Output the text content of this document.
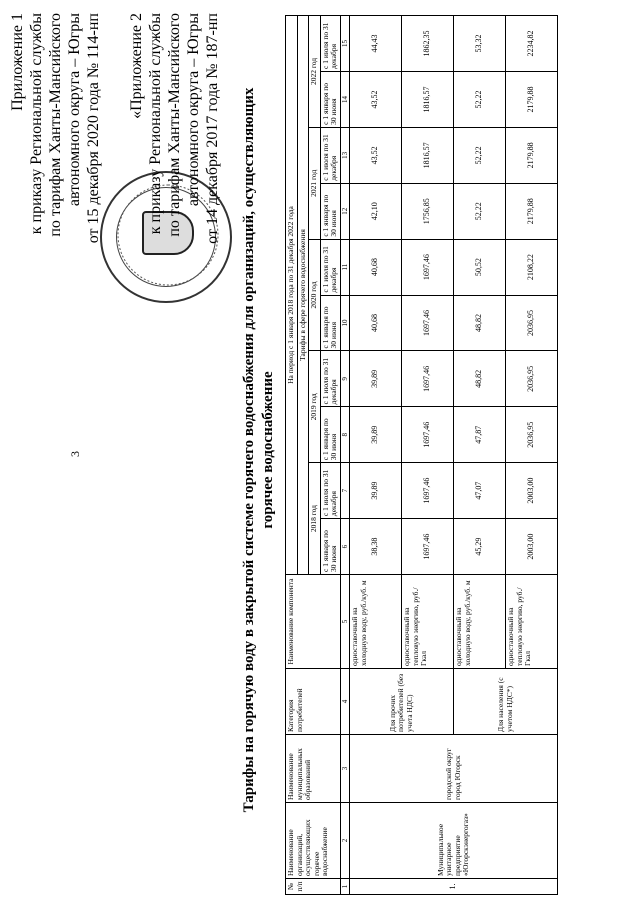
3
Приложение 1 к приказу Региональной службы по тарифам Ханты-Мансийского автономного округа – Югры от 15 декабря 2020 года № 114-нп «Приложение 2 к приказу Региональной службы по тарифам Ханты-Мансийского автономного округа – Югры от 14 декабря 2017 года № 187-нп Тарифы на горячую воду в закрытой системе горячего водоснабжения для организаций, осуществляющих горячее водоснабжение
№ п/п	Наименование организаций, осуществляющих горячее водоснабжение	Наименование муниципальных образований	Категория потребителей	Наименование компонента	На период с 1 января 2018 года по 31 декабря 2022 года									
					Тарифы в сфере горячего водоснабжения									
					2018 год		2019 год		2020 год		2021 год		2022 год	
					с 1 января по 30 июня	с 1 июля по 31 декабря	с 1 января по 30 июня	с 1 июля по 31 декабря	с 1 января по 30 июня	с 1 июля по 31 декабря	с 1 января по 30 июня	с 1 июля по 31 декабря	с 1 января по 30 июня	с 1 июля по 31 декабря
1	2	3	4	5	6	7	8	9	10	11	12	13	14	15
1.	Муниципальное унитарное предприятие «Югорскэнергогаз»	городской округ город Югорск	Для прочих потребителей (без учета НДС)	одноставочный на холодную воду, руб./куб. м	38,38	39,89	39,89	39,89	40,68	40,68	42,10	43,52	43,52	44,43
				одноставочный на тепловую энергию, руб./Гкал	1697,46	1697,46	1697,46	1697,46	1697,46	1697,46	1756,85	1816,57	1816,57	1862,35
			Для населения (с учетом НДС*)	одноставочный на холодную воду, руб./куб. м	45,29	47,07	47,87	48,82	48,82	50,52	52,22	52,22	52,22	53,32
				одноставочный на тепловую энергию, руб./Гкал	2003,00	2003,00	2036,95	2036,95	2036,95	2108,22	2179,88	2179,88	2179,88	2234,82
